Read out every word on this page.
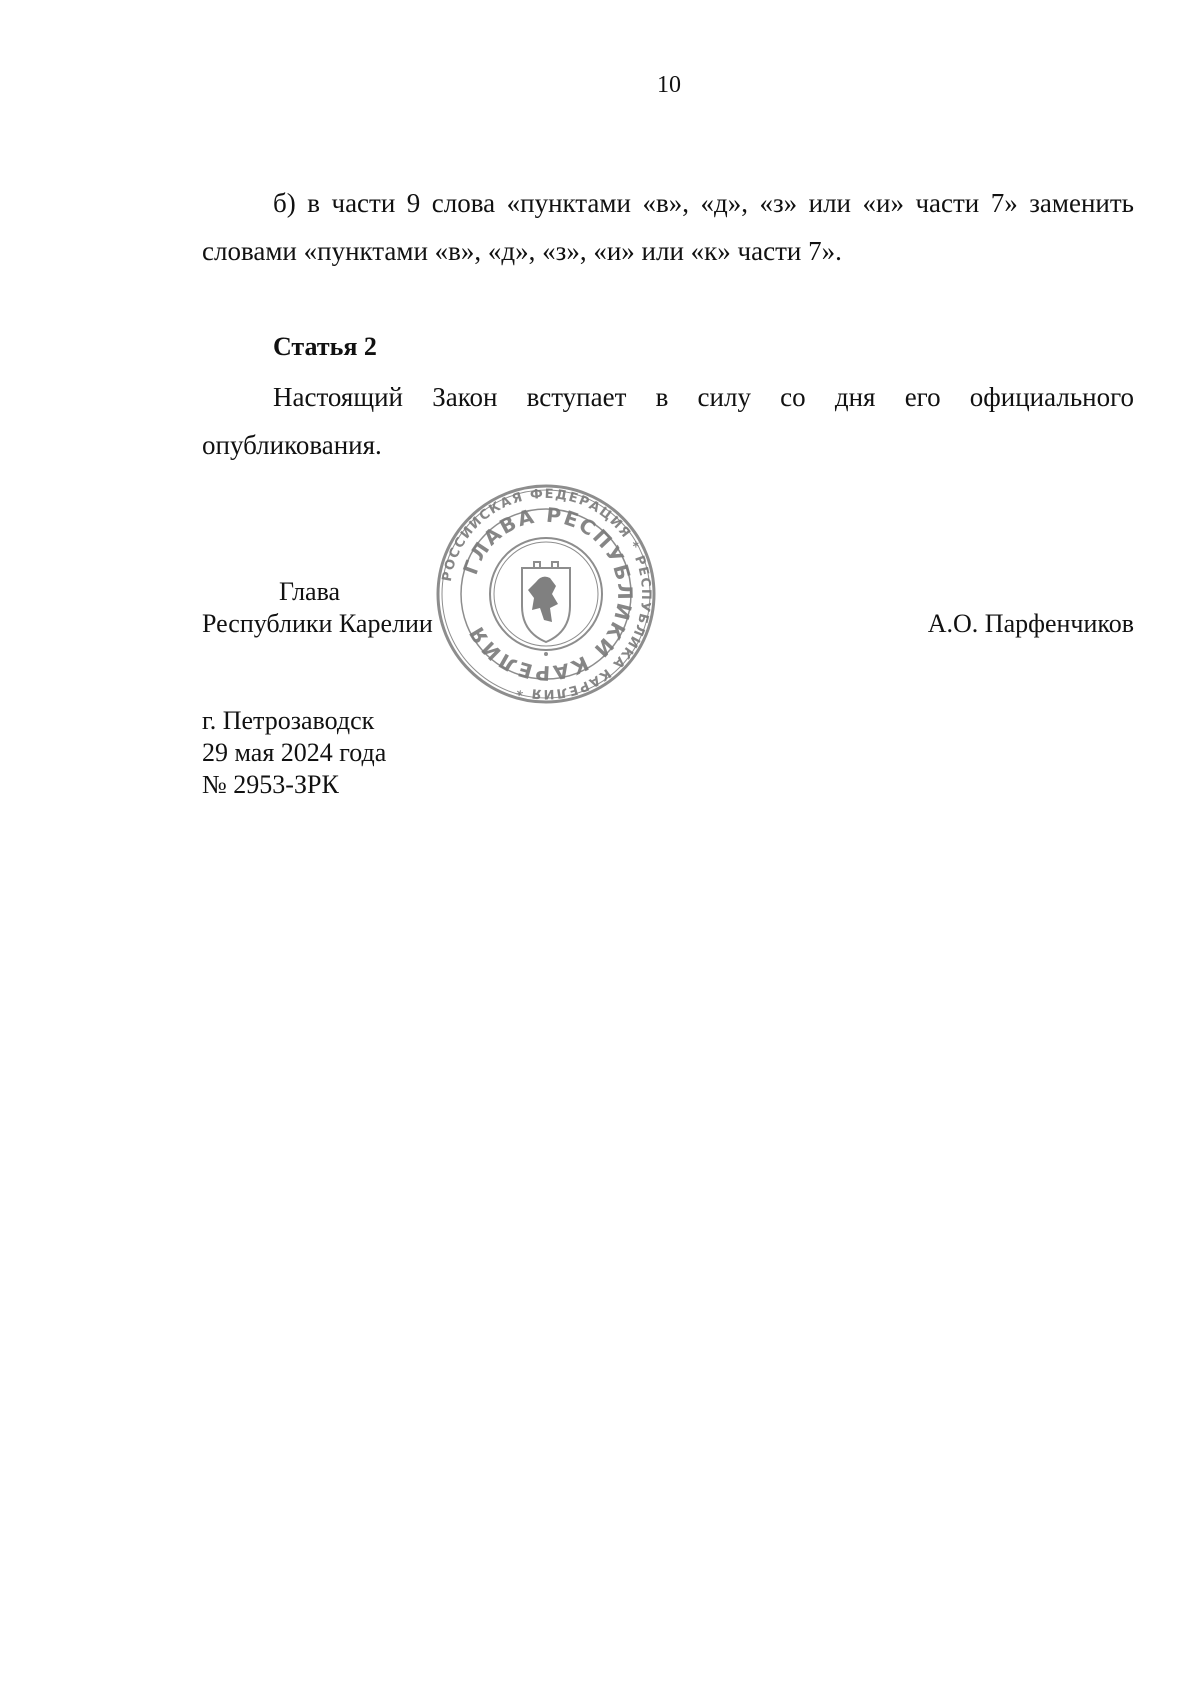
10

б) в части 9 слова «пунктами «в», «д», «з» или «и» части 7» заменить словами «пунктами «в», «д», «з», «и» или «к» части 7».

Статья 2

Настоящий Закон вступает в силу со дня его официального опубликования.

Глава
Республики Карелии	А.О. Парфенчиков
РОССИЙСКАЯ ФЕДЕРАЦИЯ * РЕСПУБЛИКА КАРЕЛИЯ *
ГЛАВА РЕСПУБЛИКИ КАРЕЛИЯ
г. Петрозаводск
29 мая 2024 года
№ 2953-ЗРК
